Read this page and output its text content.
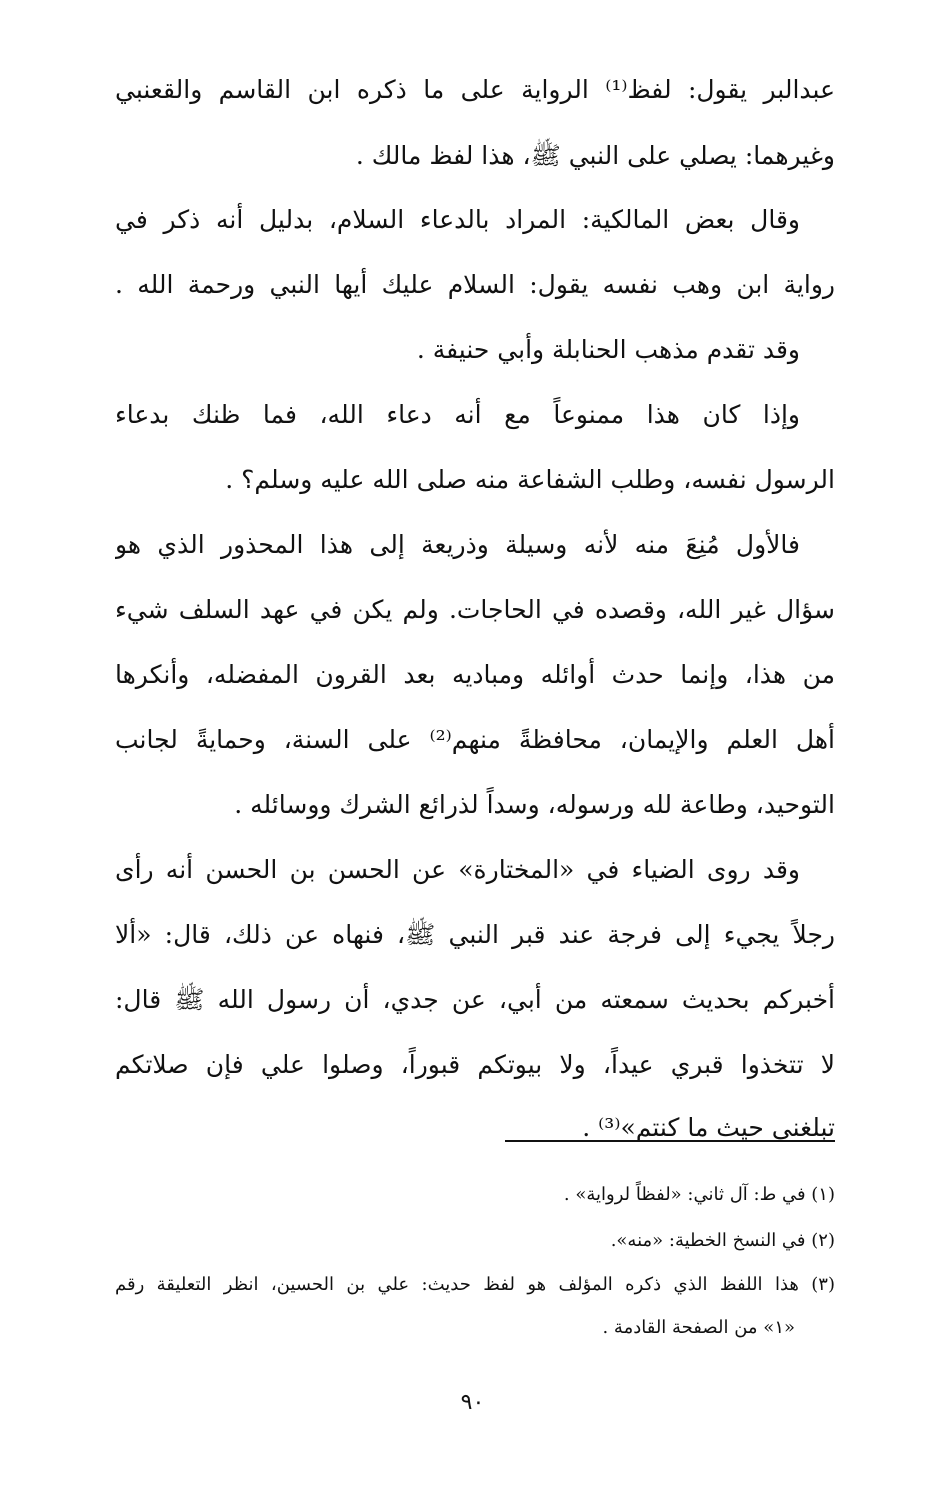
عبدالبر يقول: لفظ⁽¹⁾ الرواية على ما ذكره ابن القاسم والقعنبي
وغيرهما: يصلي على النبي ﷺ، هذا لفظ مالك .
وقال بعض المالكية: المراد بالدعاء السلام، بدليل أنه ذكر في
رواية ابن وهب نفسه يقول: السلام عليك أيها النبي ورحمة الله .
وقد تقدم مذهب الحنابلة وأبي حنيفة .
وإذا كان هذا ممنوعاً مع أنه دعاء الله، فما ظنك بدعاء
الرسول نفسه، وطلب الشفاعة منه صلى الله عليه وسلم؟ .
فالأول مُنِعَ منه لأنه وسيلة وذريعة إلى هذا المحذور الذي هو
سؤال غير الله، وقصده في الحاجات. ولم يكن في عهد السلف شيء
من هذا، وإنما حدث أوائله ومباديه بعد القرون المفضله، وأنكرها
أهل العلم والإيمان، محافظةً منهم⁽²⁾ على السنة، وحمايةً لجانب
التوحيد، وطاعة لله ورسوله، وسداً لذرائع الشرك ووسائله .
وقد روى الضياء في «المختارة» عن الحسن بن الحسن أنه رأى
رجلاً يجيء إلى فرجة عند قبر النبي ﷺ، فنهاه عن ذلك، قال: «ألا
أخبركم بحديث سمعته من أبي، عن جدي، أن رسول الله ﷺ قال:
لا تتخذوا قبري عيداً، ولا بيوتكم قبوراً، وصلوا علي فإن صلاتكم
تبلغني حيث ما كنتم»⁽³⁾ .
(١) في ط: آل ثاني: «لفظاً لرواية» .
(٢) في النسخ الخطية: «منه».
(٣) هذا اللفظ الذي ذكره المؤلف هو لفظ حديث: علي بن الحسين، انظر التعليقة رقم
«١» من الصفحة القادمة .
٩٠
